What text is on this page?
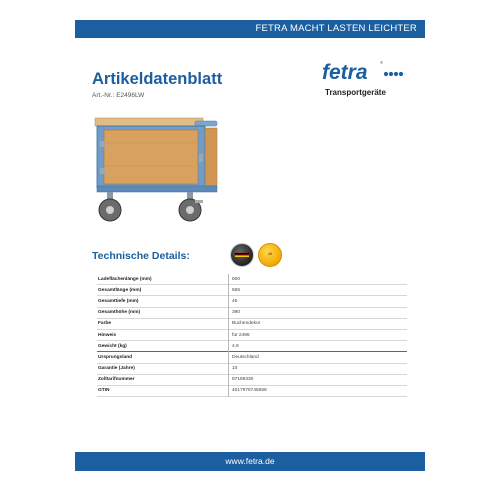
FETRA MACHT LASTEN LEICHTER
Artikeldatenblatt
Art.-Nr.: E2496LW
fetra	®
Transportgeräte
Technische Details:	10
Ladeflächenlänge (mm)	600
Gesamtlänge (mm)	665
Gesamttiefe (mm)	45
Gesamthöhe (mm)	390
Farbe	Buchendekor
Hinweis	für 2496
Gewicht (kg)	4,9
Ursprungsland	Deutschland
Garantie (Jahre)	10
Zolltarifnummer	87169330
GTIN	4017976745558
www.fetra.de
